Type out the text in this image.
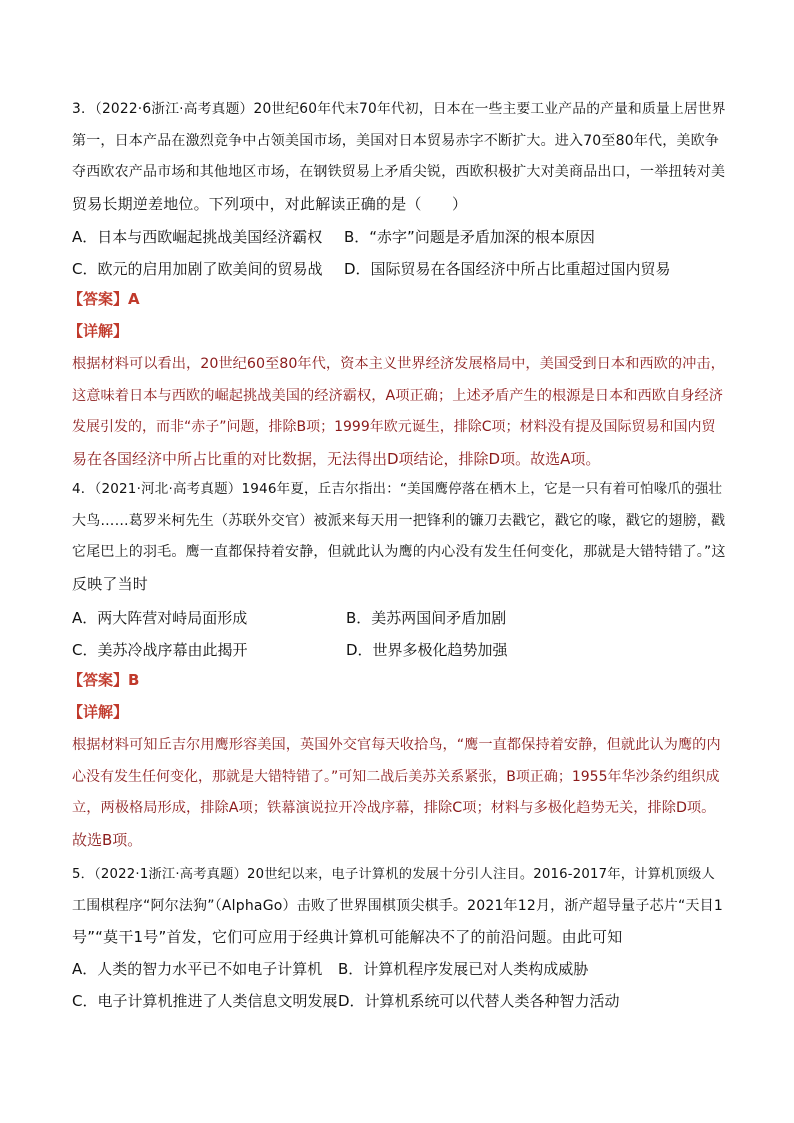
3．（2022·6浙江·高考真题）20世纪60年代末70年代初，日本在一些主要工业产品的产量和质量上居世界
第一，日本产品在激烈竞争中占领美国市场，美国对日本贸易赤字不断扩大。进入70至80年代，美欧争
夺西欧农产品市场和其他地区市场，在钢铁贸易上矛盾尖锐，西欧积极扩大对美商品出口，一举扭转对美
贸易长期逆差地位。下列项中，对此解读正确的是（　　）
A．日本与西欧崛起挑战美国经济霸权 B．“赤字”问题是矛盾加深的根本原因
C．欧元的启用加剧了欧美间的贸易战 D．国际贸易在各国经济中所占比重超过国内贸易
【答案】A
【详解】
根据材料可以看出，20世纪60至80年代，资本主义世界经济发展格局中，美国受到日本和西欧的冲击，
这意味着日本与西欧的崛起挑战美国的经济霸权，A项正确；上述矛盾产生的根源是日本和西欧自身经济
发展引发的，而非“赤子”问题，排除B项；1999年欧元诞生，排除C项；材料没有提及国际贸易和国内贸
易在各国经济中所占比重的对比数据，无法得出D项结论，排除D项。故选A项。
4．（2021·河北·高考真题）1946年夏，丘吉尔指出：“美国鹰停落在栖木上，它是一只有着可怕喙爪的强壮
大鸟……葛罗米柯先生（苏联外交官）被派来每天用一把锋利的镰刀去戳它，戳它的喙，戳它的翅膀，戳
它尾巴上的羽毛。鹰一直都保持着安静，但就此认为鹰的内心没有发生任何变化，那就是大错特错了。”这
反映了当时
A．两大阵营对峙局面形成	B．美苏两国间矛盾加剧
C．美苏冷战序幕由此揭开	D．世界多极化趋势加强
【答案】B
【详解】
根据材料可知丘吉尔用鹰形容美国，英国外交官每天收拾鸟，“鹰一直都保持着安静，但就此认为鹰的内
心没有发生任何变化，那就是大错特错了。”可知二战后美苏关系紧张，B项正确；1955年华沙条约组织成
立，两极格局形成，排除A项；铁幕演说拉开冷战序幕，排除C项；材料与多极化趋势无关，排除D项。
故选B项。
5．（2022·1浙江·高考真题）20世纪以来，电子计算机的发展十分引人注目。2016-2017年，计算机顶级人
工围棋程序“阿尔法狗”（AlphaGo）击败了世界围棋顶尖棋手。2021年12月，浙产超导量子芯片“天目1
号”“莫干1号”首发，它们可应用于经典计算机可能解决不了的前沿问题。由此可知
A．人类的智力水平已不如电子计算机 B．计算机程序发展已对人类构成威胁
C．电子计算机推进了人类信息文明发展 D．计算机系统可以代替人类各种智力活动
